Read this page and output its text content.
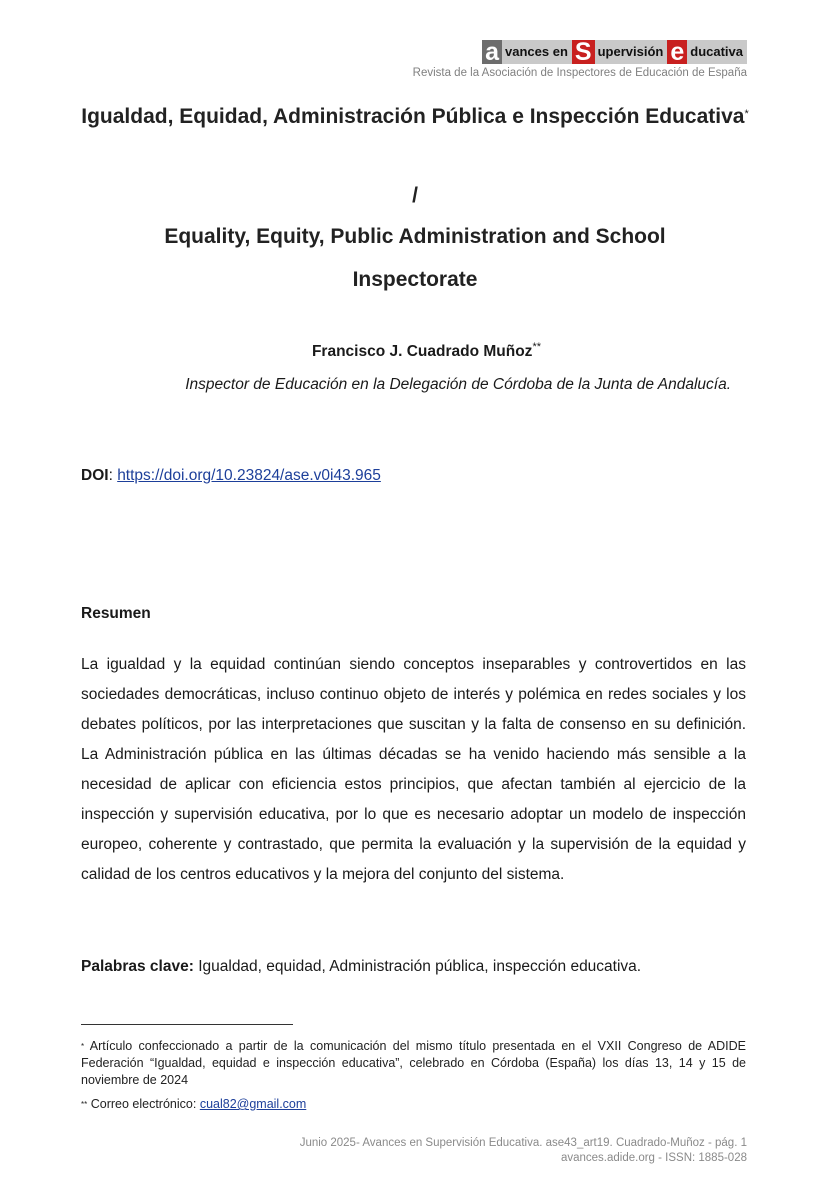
a vances en S upervisión e ducativa
Revista de la Asociación de Inspectores de Educación de España
Igualdad, Equidad, Administración Pública e Inspección Educativa*
/
Equality, Equity, Public Administration and School Inspectorate
Francisco J. Cuadrado Muñoz**
Inspector de Educación en la Delegación de Córdoba de la Junta de Andalucía.
DOI: https://doi.org/10.23824/ase.v0i43.965
Resumen
La igualdad y la equidad continúan siendo conceptos inseparables y controvertidos en las sociedades democráticas, incluso continuo objeto de interés y polémica en redes sociales y los debates políticos, por las interpretaciones que suscitan y la falta de consenso en su definición. La Administración pública en las últimas décadas se ha venido haciendo más sensible a la necesidad de aplicar con eficiencia estos principios, que afectan también al ejercicio de la inspección y supervisión educativa, por lo que es necesario adoptar un modelo de inspección europeo, coherente y contrastado, que permita la evaluación y la supervisión de la equidad y calidad de los centros educativos y la mejora del conjunto del sistema.
Palabras clave: Igualdad, equidad, Administración pública, inspección educativa.
* Artículo confeccionado a partir de la comunicación del mismo título presentada en el VXII Congreso de ADIDE Federación “Igualdad, equidad e inspección educativa”, celebrado en Córdoba (España) los días 13, 14 y 15 de noviembre de 2024
** Correo electrónico: cual82@gmail.com
Junio 2025- Avances en Supervisión Educativa. ase43_art19. Cuadrado-Muñoz - pág. 1
avances.adide.org - ISSN: 1885-028
